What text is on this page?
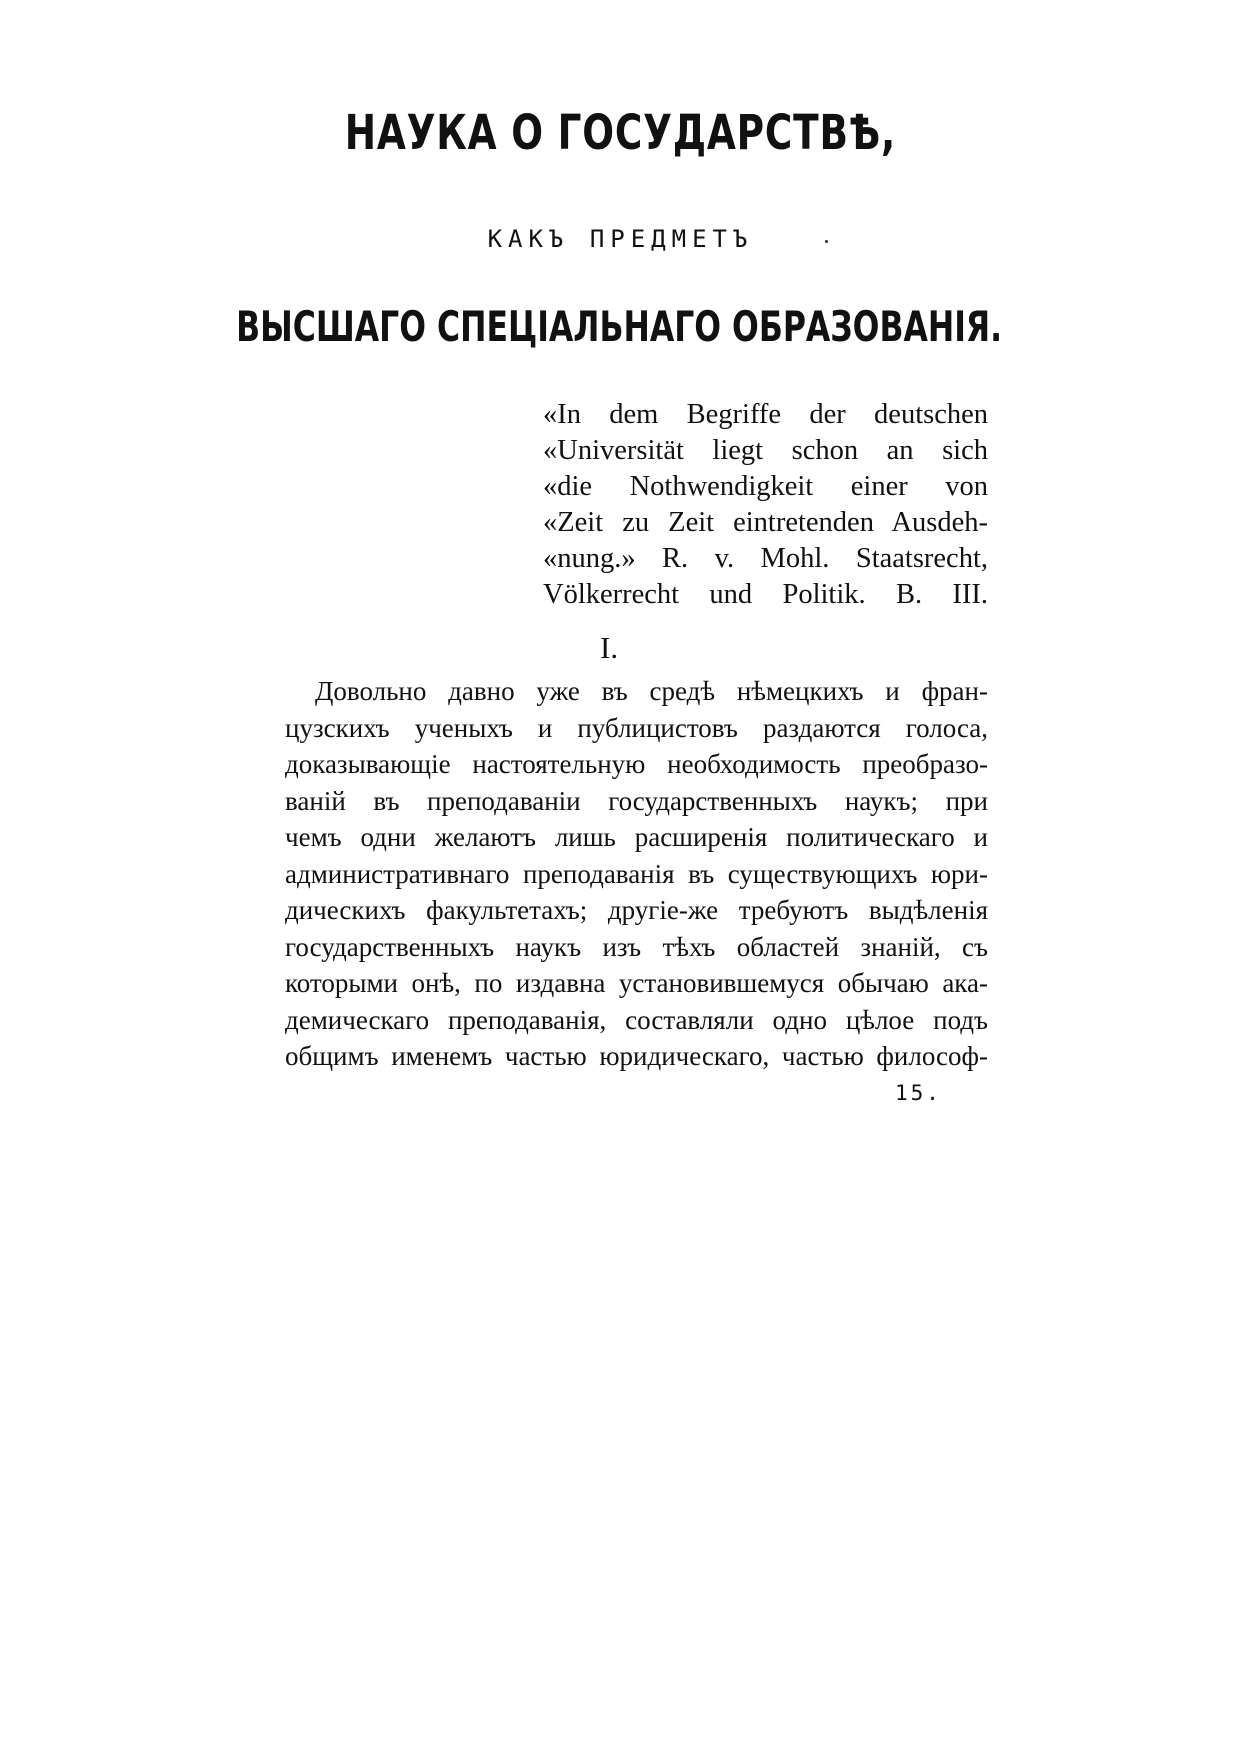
НАУКА О ГОСУДАРСТВѢ,
КАКЪ ПРЕДМЕТЪ
ВЫСШАГО СПЕЦІАЛЬНАГО ОБРАЗОВАНІЯ.
«In dem Begriffe der deutschen
«Universität liegt schon an sich
«die Nothwendigkeit einer von
«Zeit zu Zeit eintretenden Ausdeh-
«nung.» R. v. Mohl. Staatsrecht,
Völkerrecht und Politik. B. III.
I.
Довольно давно уже въ средѣ нѣмецкихъ и фран-
цузскихъ ученыхъ и публицистовъ раздаются голоса,
доказывающіе настоятельную необходимость преобразо-
ваній въ преподаваніи государственныхъ наукъ; при
чемъ одни желаютъ лишь расширенія политическаго и
административнаго преподаванія въ существующихъ юри-
дическихъ факультетахъ; другіе-же требуютъ выдѣленія
государственныхъ наукъ изъ тѣхъ областей знаній, съ
которыми онѣ, по издавна установившемуся обычаю ака-
демическаго преподаванія, составляли одно цѣлое подъ
общимъ именемъ частью юридическаго, частью философ-
15.
